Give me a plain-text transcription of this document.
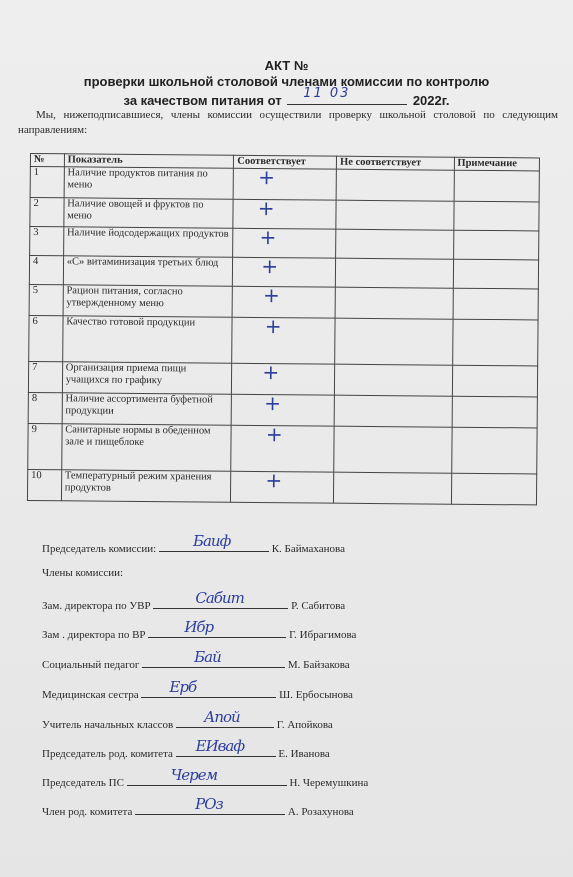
АКТ №
проверки школьной столовой членами комиссии по контролю
за качеством питания от 11 03	2022г.
Мы, нижеподписавшиеся, члены комиссии осуществили проверку школьной столовой по следующим направлениям:
№	Показатель	Соответствует	Не соответствует	Примечание
1	Наличие продуктов питания по меню	+		
2	Наличие овощей и фруктов по меню	+		
3	Наличие йодсодержащих продуктов	+		
4	«С» витаминизация третьих блюд	+		
5	Рацион питания, согласно утвержденному меню	+		
6	Качество готовой продукции	+		
7	Организация приема пищи учащихся по графику	+		
8	Наличие ассортимента буфетной продукции	+		
9	Санитарные нормы в обеденном зале и пищеблоке	+		
10	Температурный режим хранения продуктов	+		
Председатель комиссии: Баиф	К. Баймаханова
Члены комиссии:
Зам. директора по УВР	Сабит	Р. Сабитова
Зам . директора по ВР	Ибр	Г. Ибрагимова
Социальный педагог	Бай	М. Байзакова
Медицинская сестра Ерб	Ш. Ербосынова
Учитель начальных классов Апой	Г. Апойкова
Председатель род. комитета ЕИваф	Е. Иванова
Председатель ПС	Черем	Н. Черемушкина
Член род. комитета	РОз	А. Розахунова
